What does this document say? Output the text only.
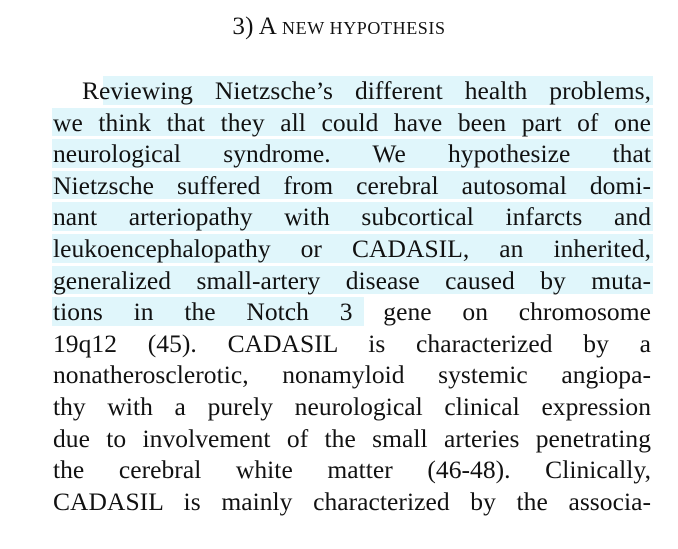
3) A NEW HYPOTHESIS
Reviewing Nietzsche’s different health problems,
we think that they all could have been part of one
neurological syndrome. We hypothesize that
Nietzsche suffered from cerebral autosomal domi-
nant arteriopathy with subcortical infarcts and
leukoencephalopathy or CADASIL, an inherited,
generalized small-artery disease caused by muta-
tions in the Notch 3 gene on chromosome
19q12 (45). CADASIL is characterized by a
nonatherosclerotic, nonamyloid systemic angiopa-
thy with a purely neurological clinical expression
due to involvement of the small arteries penetrating
the cerebral white matter (46-48). Clinically,
CADASIL is mainly characterized by the associa-
